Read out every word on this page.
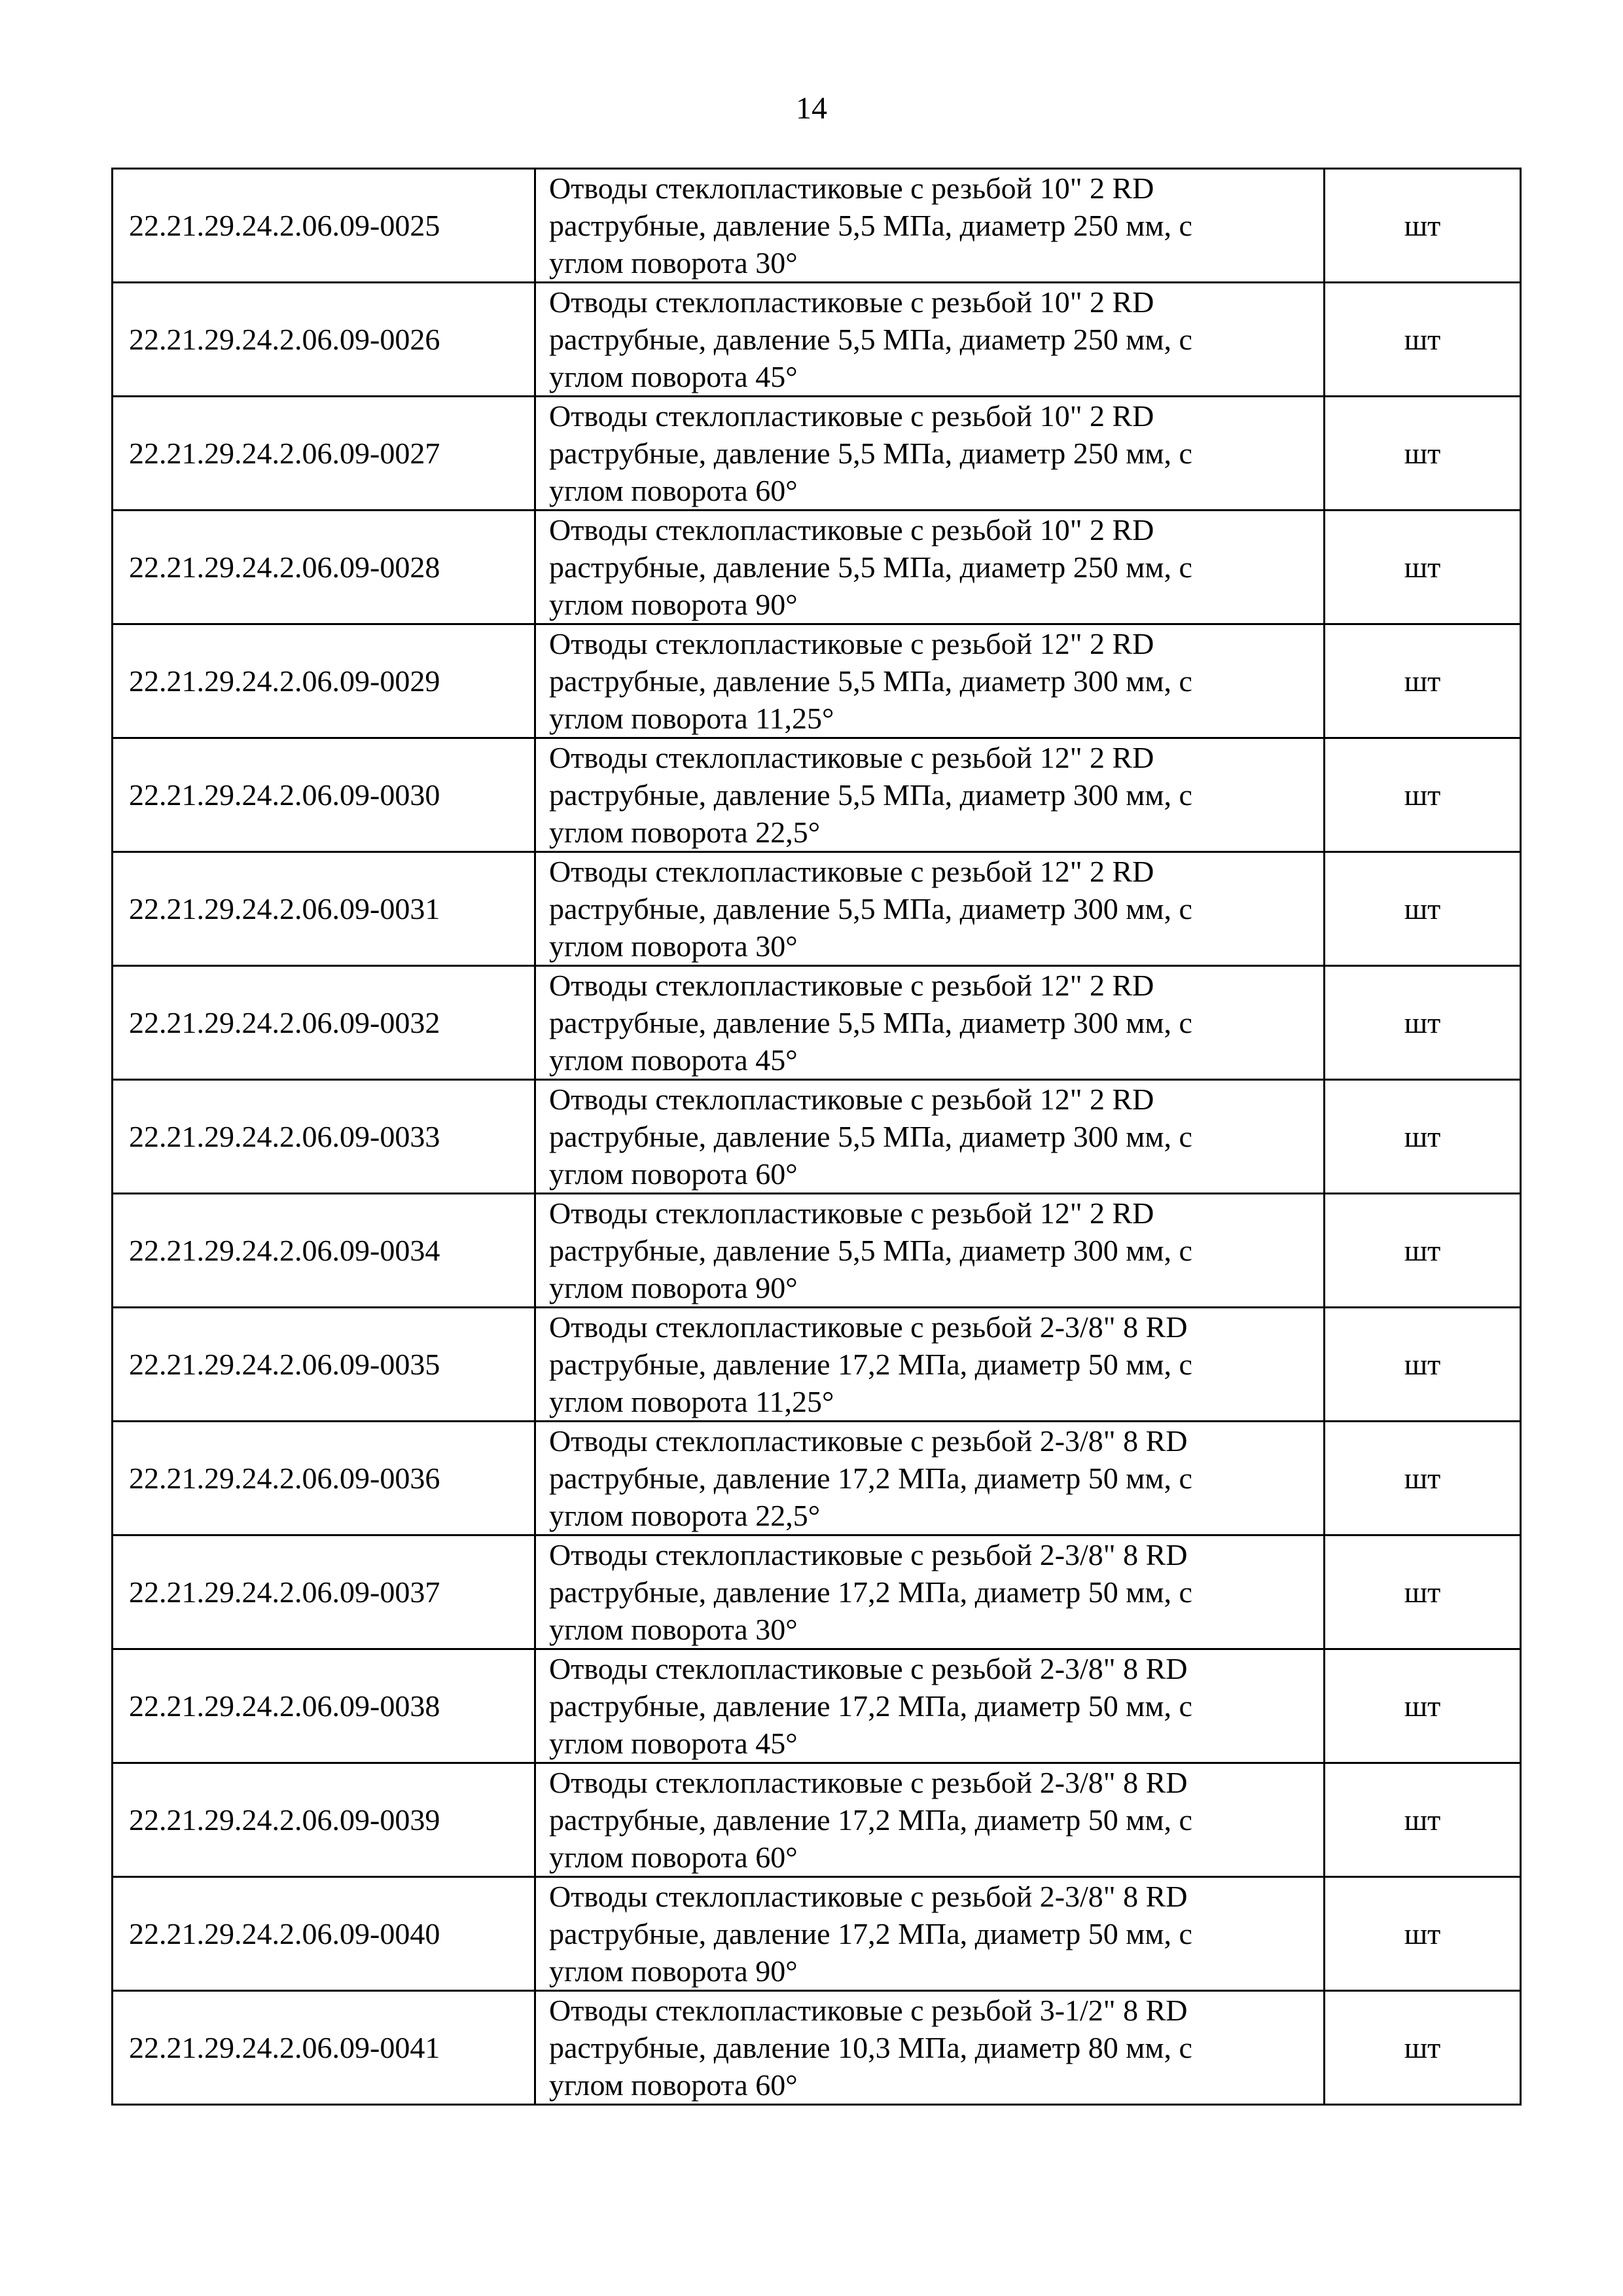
14
22.21.29.24.2.06.09-0025	Отводы стеклопластиковые с резьбой 10" 2 RD
раструбные, давление 5,5 МПа, диаметр 250 мм, с
углом поворота 30°	шт
22.21.29.24.2.06.09-0026	Отводы стеклопластиковые с резьбой 10" 2 RD
раструбные, давление 5,5 МПа, диаметр 250 мм, с
углом поворота 45°	шт
22.21.29.24.2.06.09-0027	Отводы стеклопластиковые с резьбой 10" 2 RD
раструбные, давление 5,5 МПа, диаметр 250 мм, с
углом поворота 60°	шт
22.21.29.24.2.06.09-0028	Отводы стеклопластиковые с резьбой 10" 2 RD
раструбные, давление 5,5 МПа, диаметр 250 мм, с
углом поворота 90°	шт
22.21.29.24.2.06.09-0029	Отводы стеклопластиковые с резьбой 12" 2 RD
раструбные, давление 5,5 МПа, диаметр 300 мм, с
углом поворота 11,25°	шт
22.21.29.24.2.06.09-0030	Отводы стеклопластиковые с резьбой 12" 2 RD
раструбные, давление 5,5 МПа, диаметр 300 мм, с
углом поворота 22,5°	шт
22.21.29.24.2.06.09-0031	Отводы стеклопластиковые с резьбой 12" 2 RD
раструбные, давление 5,5 МПа, диаметр 300 мм, с
углом поворота 30°	шт
22.21.29.24.2.06.09-0032	Отводы стеклопластиковые с резьбой 12" 2 RD
раструбные, давление 5,5 МПа, диаметр 300 мм, с
углом поворота 45°	шт
22.21.29.24.2.06.09-0033	Отводы стеклопластиковые с резьбой 12" 2 RD
раструбные, давление 5,5 МПа, диаметр 300 мм, с
углом поворота 60°	шт
22.21.29.24.2.06.09-0034	Отводы стеклопластиковые с резьбой 12" 2 RD
раструбные, давление 5,5 МПа, диаметр 300 мм, с
углом поворота 90°	шт
22.21.29.24.2.06.09-0035	Отводы стеклопластиковые с резьбой 2-3/8" 8 RD
раструбные, давление 17,2 МПа, диаметр 50 мм, с
углом поворота 11,25°	шт
22.21.29.24.2.06.09-0036	Отводы стеклопластиковые с резьбой 2-3/8" 8 RD
раструбные, давление 17,2 МПа, диаметр 50 мм, с
углом поворота 22,5°	шт
22.21.29.24.2.06.09-0037	Отводы стеклопластиковые с резьбой 2-3/8" 8 RD
раструбные, давление 17,2 МПа, диаметр 50 мм, с
углом поворота 30°	шт
22.21.29.24.2.06.09-0038	Отводы стеклопластиковые с резьбой 2-3/8" 8 RD
раструбные, давление 17,2 МПа, диаметр 50 мм, с
углом поворота 45°	шт
22.21.29.24.2.06.09-0039	Отводы стеклопластиковые с резьбой 2-3/8" 8 RD
раструбные, давление 17,2 МПа, диаметр 50 мм, с
углом поворота 60°	шт
22.21.29.24.2.06.09-0040	Отводы стеклопластиковые с резьбой 2-3/8" 8 RD
раструбные, давление 17,2 МПа, диаметр 50 мм, с
углом поворота 90°	шт
22.21.29.24.2.06.09-0041	Отводы стеклопластиковые с резьбой 3-1/2" 8 RD
раструбные, давление 10,3 МПа, диаметр 80 мм, с
углом поворота 60°	шт
